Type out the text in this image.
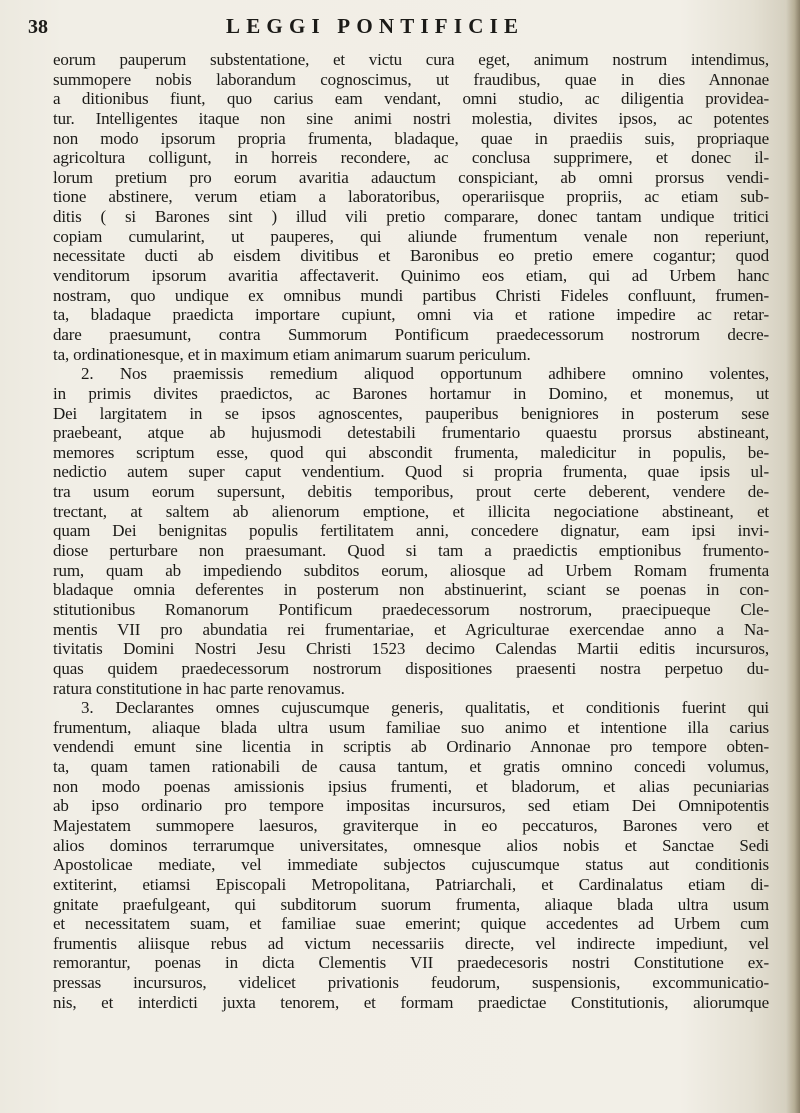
38	LEGGI PONTIFICIE
eorum pauperum substentatione, et victu cura eget, animum nostrum intendimus,
summopere nobis laborandum cognoscimus, ut fraudibus, quae in dies Annonae
a ditionibus fiunt, quo carius eam vendant, omni studio, ac diligentia providea-
tur. Intelligentes itaque non sine animi nostri molestia, divites ipsos, ac potentes
non modo ipsorum propria frumenta, bladaque, quae in praediis suis, propriaque
agricoltura colligunt, in horreis recondere, ac conclusa supprimere, et donec il-
lorum pretium pro eorum avaritia adauctum conspiciant, ab omni prorsus vendi-
tione abstinere, verum etiam a laboratoribus, operariisque propriis, ac etiam sub-
ditis ( si Barones sint ) illud vili pretio comparare, donec tantam undique tritici
copiam cumularint, ut pauperes, qui aliunde frumentum venale non reperiunt,
necessitate ducti ab eisdem divitibus et Baronibus eo pretio emere cogantur; quod
venditorum ipsorum avaritia affectaverit. Quinimo eos etiam, qui ad Urbem hanc
nostram, quo undique ex omnibus mundi partibus Christi Fideles confluunt, frumen-
ta, bladaque praedicta importare cupiunt, omni via et ratione impedire ac retar-
dare praesumunt, contra Summorum Pontificum praedecessorum nostrorum decre-
ta, ordinationesque, et in maximum etiam animarum suarum periculum.
2. Nos praemissis remedium aliquod opportunum adhibere omnino volentes,
in primis divites praedictos, ac Barones hortamur in Domino, et monemus, ut
Dei largitatem in se ipsos agnoscentes, pauperibus benigniores in posterum sese
praebeant, atque ab hujusmodi detestabili frumentario quaestu prorsus abstineant,
memores scriptum esse, quod qui abscondit frumenta, maledicitur in populis, be-
nedictio autem super caput vendentium. Quod si propria frumenta, quae ipsis ul-
tra usum eorum supersunt, debitis temporibus, prout certe deberent, vendere de-
trectant, at saltem ab alienorum emptione, et illicita negociatione abstineant, et
quam Dei benignitas populis fertilitatem anni, concedere dignatur, eam ipsi invi-
diose perturbare non praesumant. Quod si tam a praedictis emptionibus frumento-
rum, quam ab impediendo subditos eorum, aliosque ad Urbem Romam frumenta
bladaque omnia deferentes in posterum non abstinuerint, sciant se poenas in con-
stitutionibus Romanorum Pontificum praedecessorum nostrorum, praecipueque Cle-
mentis VII pro abundatia rei frumentariae, et Agriculturae exercendae anno a Na-
tivitatis Domini Nostri Jesu Christi 1523 decimo Calendas Martii editis incursuros,
quas quidem praedecessorum nostrorum dispositiones praesenti nostra perpetuo du-
ratura constitutione in hac parte renovamus.
3. Declarantes omnes cujuscumque generis, qualitatis, et conditionis fuerint qui
frumentum, aliaque blada ultra usum familiae suo animo et intentione illa carius
vendendi emunt sine licentia in scriptis ab Ordinario Annonae pro tempore obten-
ta, quam tamen rationabili de causa tantum, et gratis omnino concedi volumus,
non modo poenas amissionis ipsius frumenti, et bladorum, et alias pecuniarias
ab ipso ordinario pro tempore impositas incursuros, sed etiam Dei Omnipotentis
Majestatem summopere laesuros, graviterque in eo peccaturos, Barones vero et
alios dominos terrarumque universitates, omnesque alios nobis et Sanctae Sedi
Apostolicae mediate, vel immediate subjectos cujuscumque status aut conditionis
extiterint, etiamsi Episcopali Metropolitana, Patriarchali, et Cardinalatus etiam di-
gnitate praefulgeant, qui subditorum suorum frumenta, aliaque blada ultra usum
et necessitatem suam, et familiae suae emerint; quique accedentes ad Urbem cum
frumentis aliisque rebus ad victum necessariis directe, vel indirecte impediunt, vel
remorantur, poenas in dicta Clementis VII praedecesoris nostri Constitutione ex-
pressas incursuros, videlicet privationis feudorum, suspensionis, excommunicatio-
nis, et interdicti juxta tenorem, et formam praedictae Constitutionis, aliorumque
